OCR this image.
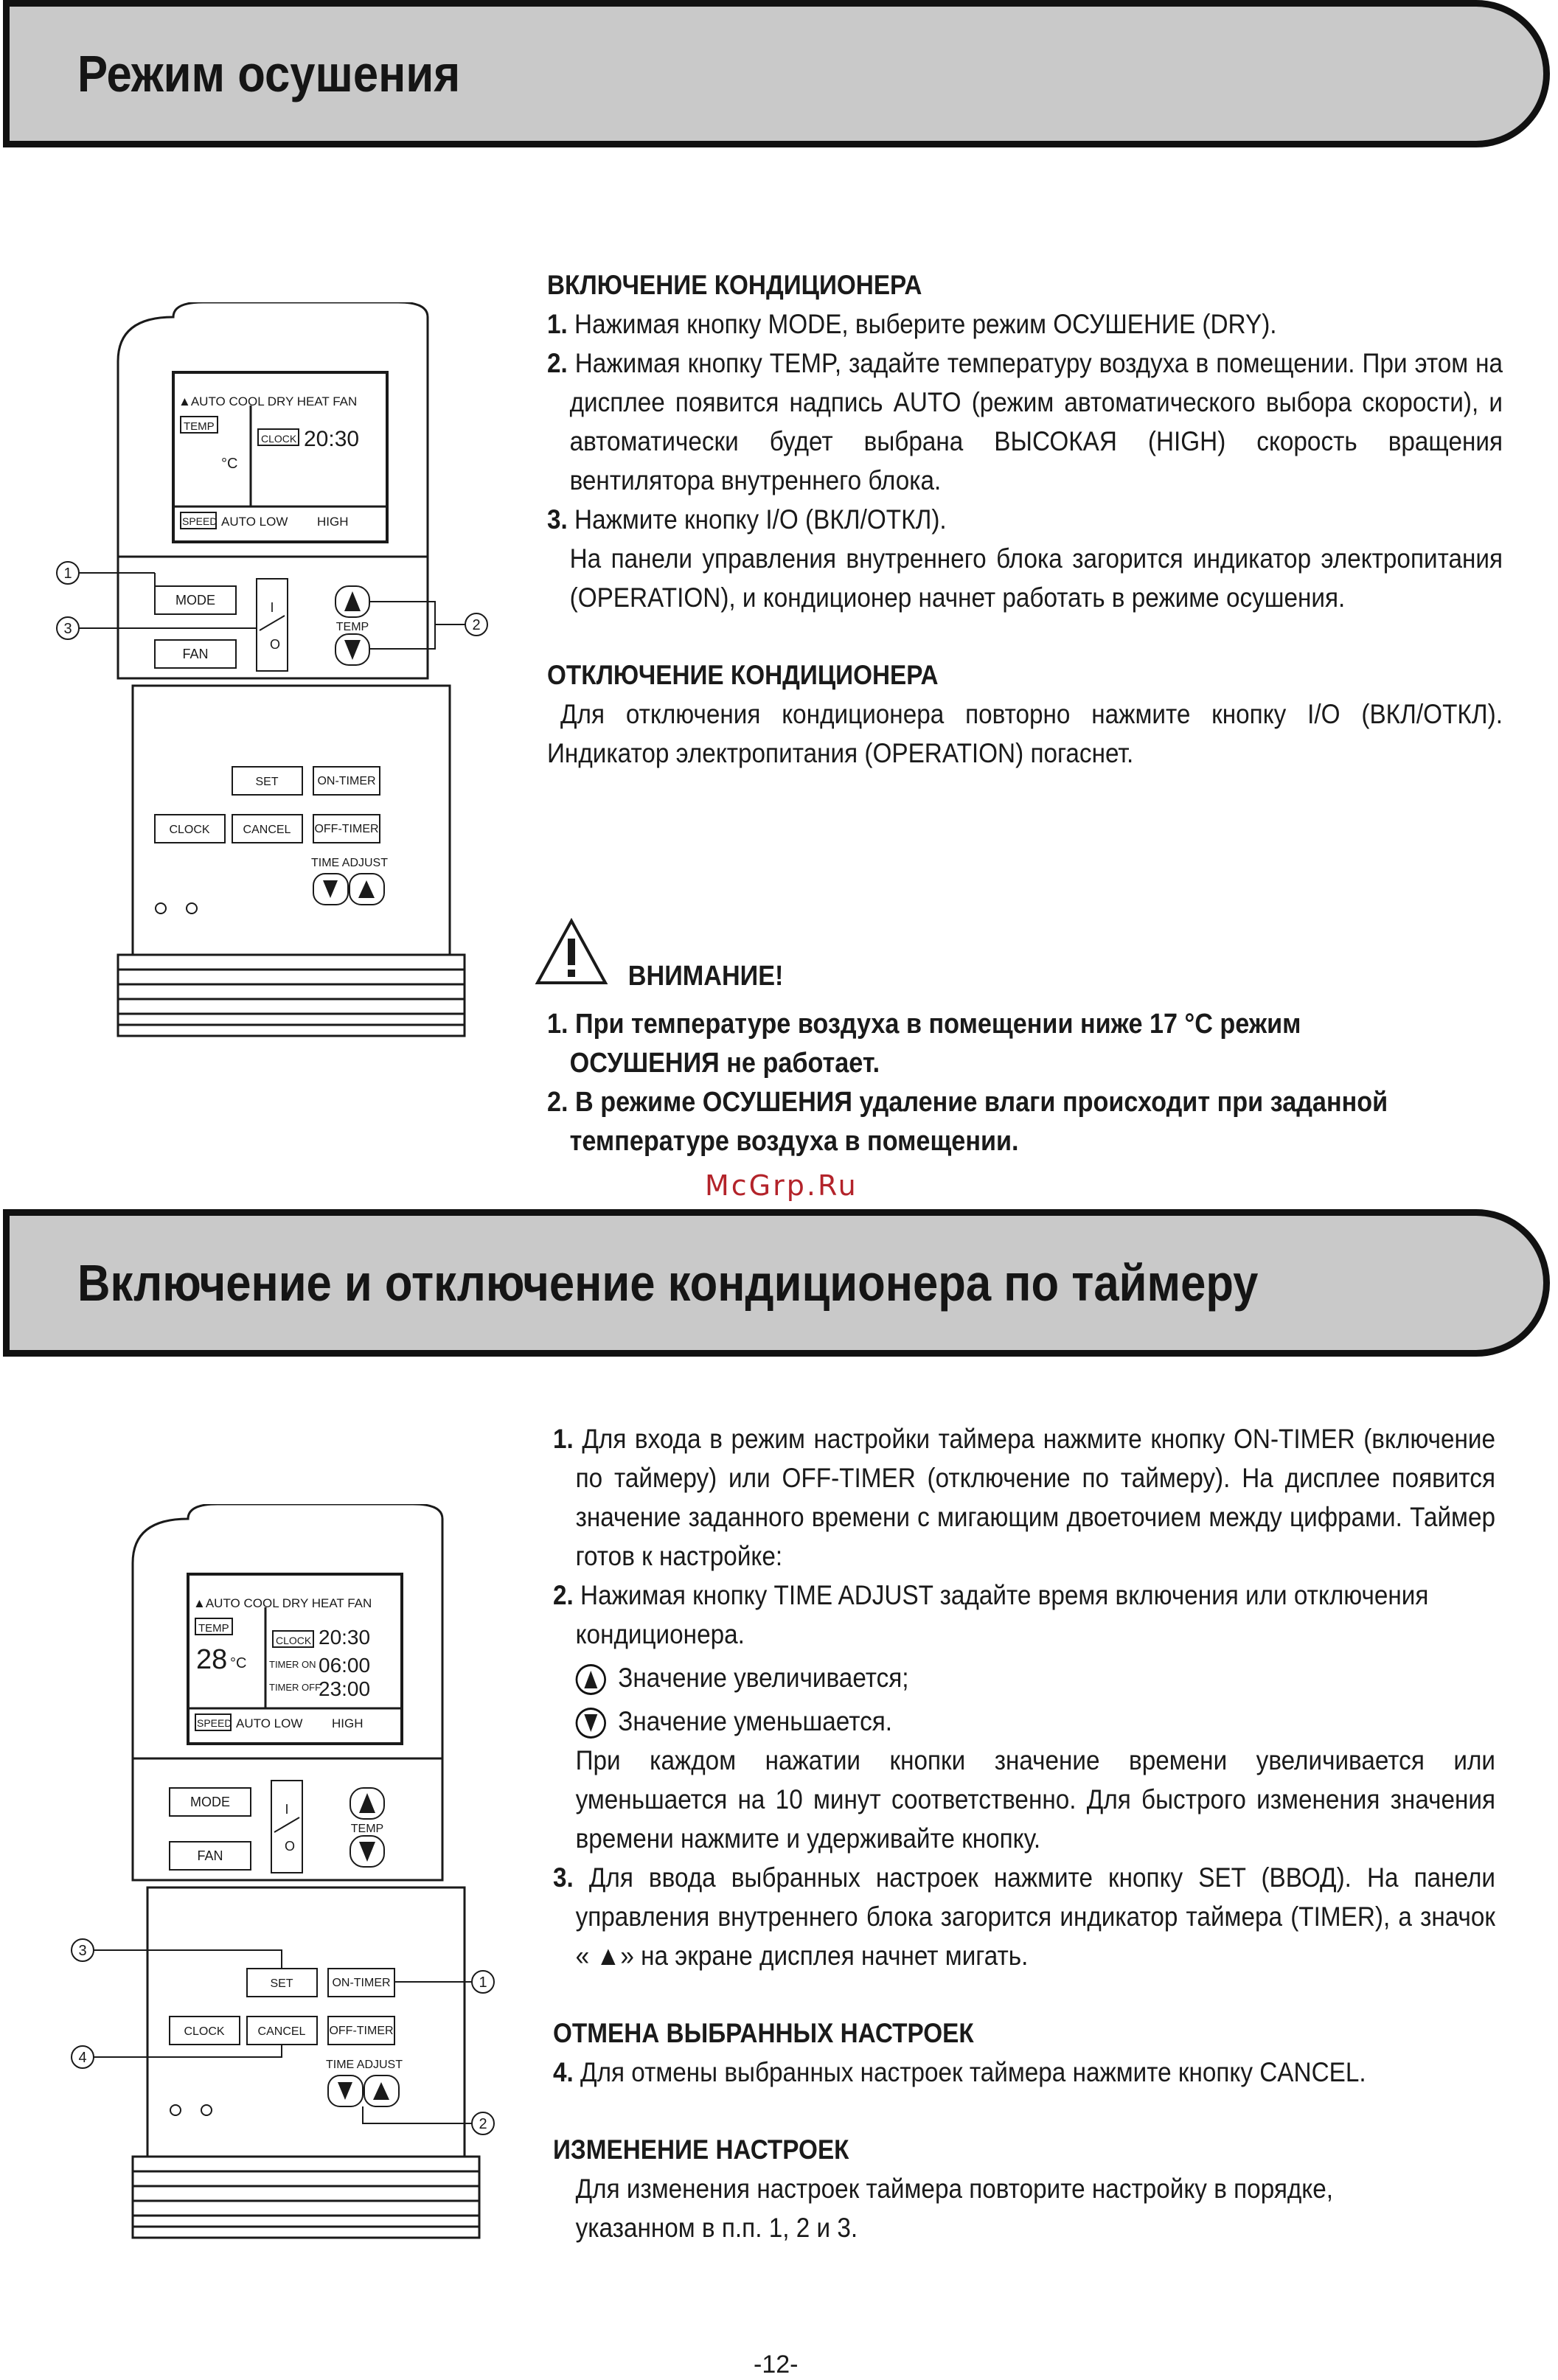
Режим осушения
▲AUTO COOL DRY HEAT FAN
TEMP
CLOCK
°C
20:30
SPEED AUTO LOW HIGH
MODE
FAN
I
O
TEMP
SET	ON-TIMER
CLOCK	CANCEL OFF-TIMER
TIME ADJUST
1
3	2

ВКЛЮЧЕНИЕ КОНДИЦИОНЕРА

1. Нажимая кнопку MODE, выберите режим ОСУШЕНИЕ (DRY).

2. Нажимая кнопку TEMP, задайте температуру воздуха в помещении. При этом на дисплее появится надпись AUTO (режим автоматического выбора скорости), и автоматически будет выбрана ВЫСОКАЯ (HIGH) скорость вращения вентилятора внутреннего блока.

3. Нажмите кнопку I/O (ВКЛ/ОТКЛ).

На панели управления внутреннего блока загорится индикатор электропитания (OPERATION), и кондиционер начнет работать в режиме осушения.

ОТКЛЮЧЕНИЕ КОНДИЦИОНЕРА

Для отключения кондиционера повторно нажмите кнопку I/O (ВКЛ/ОТКЛ). Индикатор электропитания (OPERATION) погаснет.

ВНИМАНИЕ!

1. При температуре воздуха в помещении ниже 17 °С режим ОСУШЕНИЯ не работает.

2. В режиме ОСУШЕНИЯ удаление влаги происходит при заданной температуре воздуха в помещении.

McGrp.Ru
Включение и отключение кондиционера по таймеру
▲AUTO COOL DRY HEAT FAN
TEMP
CLOCK
28 °C
20:30
TIMER ON 06:00
TIMER OFF
23:00
SPEED AUTO LOW HIGH
MODE
FAN
I
O
TEMP
SET	ON-TIMER
CLOCK	CANCEL OFF-TIMER
TIME ADJUST
3
1
4
2

1. Для входа в режим настройки таймера нажмите кнопку ON-TIMER (включение по таймеру) или OFF-TIMER (отключение по таймеру). На дисплее появится значение заданного времени с мигающим двоеточием между цифрами. Таймер готов к настройке:

2. Нажимая кнопку TIME ADJUST задайте время включения или отключения кондиционера.

Значение увеличивается;

Значение уменьшается.

При каждом нажатии кнопки значение времени увеличивается или уменьшается на 10 минут соответственно. Для быстрого изменения значения времени нажмите и удерживайте кнопку.

3. Для ввода выбранных настроек нажмите кнопку SET (ВВОД). На панели управления внутреннего блока загорится индикатор таймера (TIMER), а значок « ▲» на экране дисплея начнет мигать.

ОТМЕНА ВЫБРАННЫХ НАСТРОЕК

4. Для отмены выбранных настроек таймера нажмите кнопку CANCEL.

ИЗМЕНЕНИЕ НАСТРОЕК

Для изменения настроек таймера повторите настройку в порядке, указанном в п.п. 1, 2 и 3.

-12-
